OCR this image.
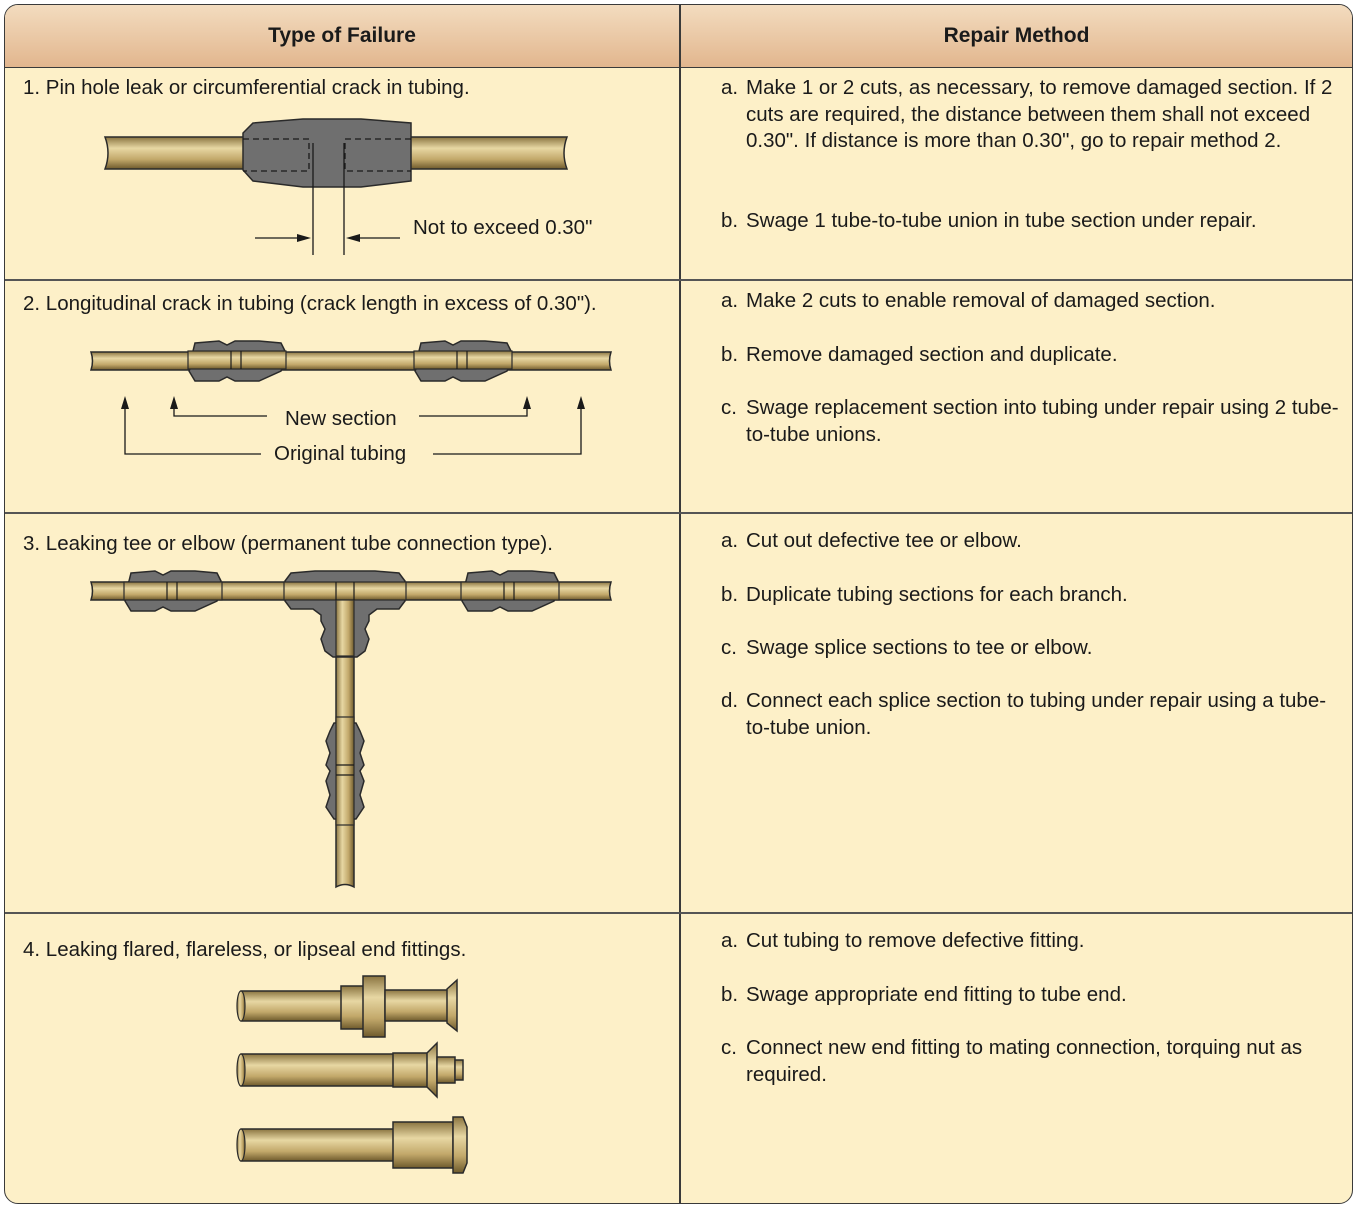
Type of Failure	Repair Method
1. Pin hole leak or circumferential crack in tubing.	a. Make 1 or 2 cuts, as necessary, to remove damaged section. If 2 cuts are required, the distance between them shall not exceed 0.30". If distance is more than 0.30", go to repair method 2.
b. Swage 1 tube-to-tube union in tube section under repair.
Not to exceed 0.30"
2. Longitudinal crack in tubing (crack length in excess of 0.30").	a. Make 2 cuts to enable removal of damaged section.
b. Remove damaged section and duplicate.
c. Swage replacement section into tubing under repair using 2 tube-to-tube unions.
New section
Original tubing
3. Leaking tee or elbow (permanent tube connection type).	a. Cut out defective tee or elbow.
b. Duplicate tubing sections for each branch.
c. Swage splice sections to tee or elbow.
d. Connect each splice section to tubing under repair using a tube-to-tube union.
4. Leaking flared, flareless, or lipseal end fittings.	a. Cut tubing to remove defective fitting.
b. Swage appropriate end fitting to tube end.
c. Connect new end fitting to mating connection, torquing nut as required.
